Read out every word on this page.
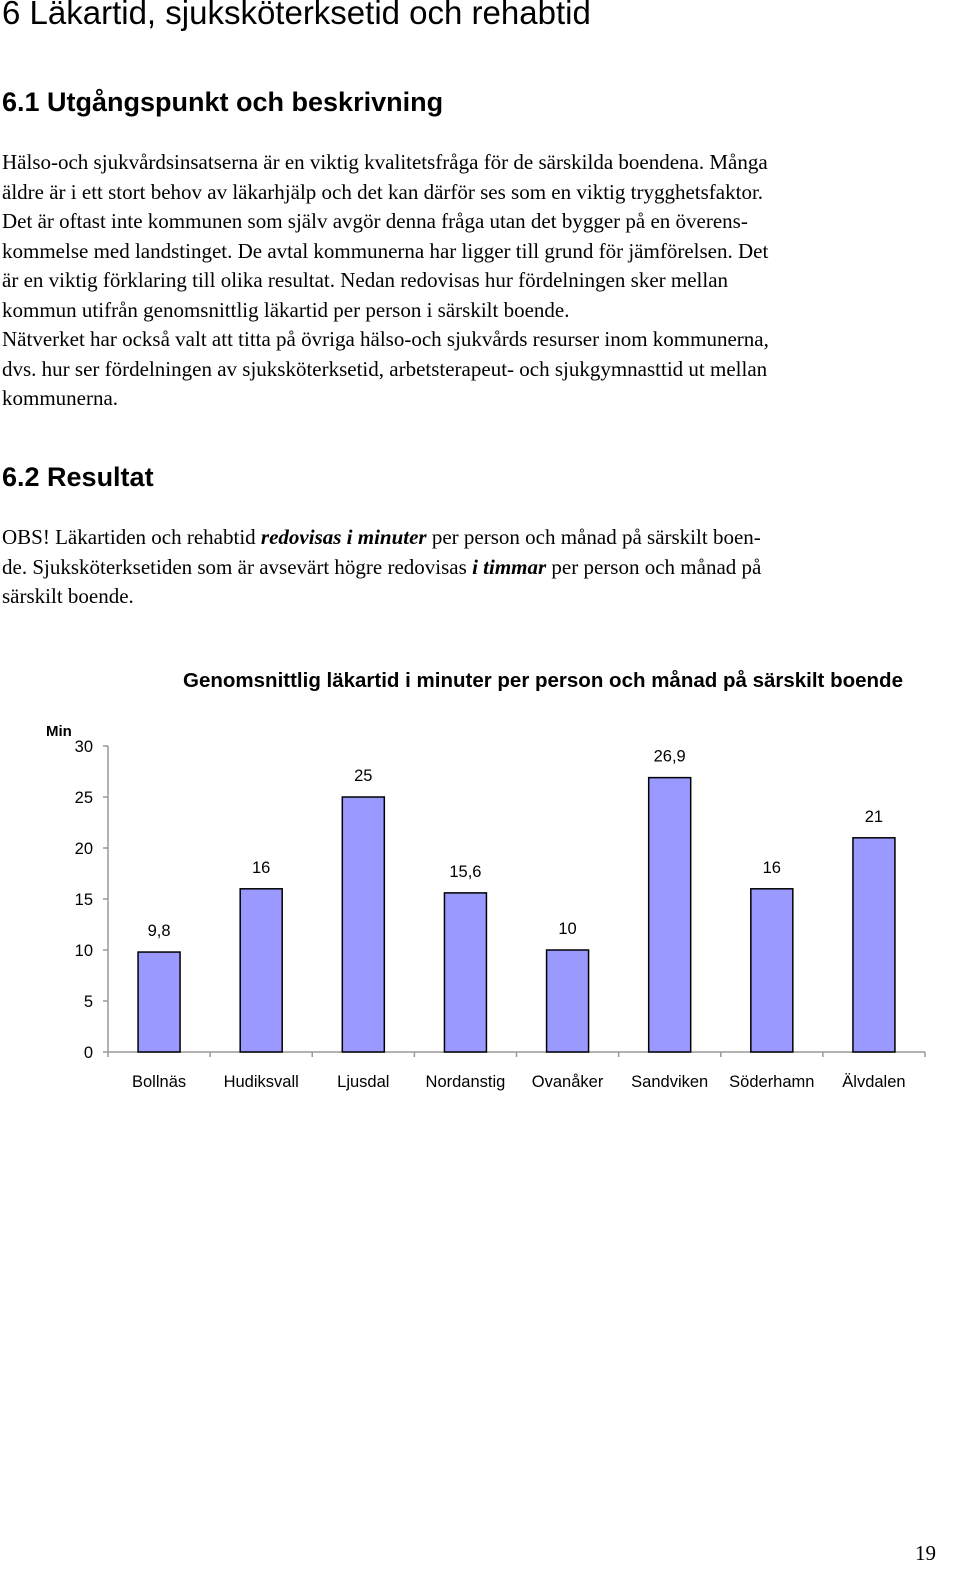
6 Läkartid, sjuksköterksetid och rehabtid
6.1 Utgångspunkt och beskrivning
Hälso-och sjukvårdsinsatserna är en viktig kvalitetsfråga för de särskilda boendena. Många
äldre är i ett stort behov av läkarhjälp och det kan därför ses som en viktig trygghetsfaktor.
Det är oftast inte kommunen som själv avgör denna fråga utan det bygger på en överens-
kommelse med landstinget. De avtal kommunerna har ligger till grund för jämförelsen. Det
är en viktig förklaring till olika resultat. Nedan redovisas hur fördelningen sker mellan
kommun utifrån genomsnittlig läkartid per person i särskilt boende.
Nätverket har också valt att titta på övriga hälso-och sjukvårds resurser inom kommunerna,
dvs. hur ser fördelningen av sjuksköterksetid, arbetsterapeut- och sjukgymnasttid ut mellan
kommunerna.
6.2 Resultat
OBS! Läkartiden och rehabtid redovisas i minuter per person och månad på särskilt boen-
de. Sjuksköterksetiden som är avsevärt högre redovisas i timmar per person och månad på
särskilt boende.
Genomsnittlig läkartid i minuter per person och månad på särskilt boende
Min
0
5
10
15
20
25
30
9,8
Bollnäs
16
Hudiksvall
25
Ljusdal
15,6
Nordanstig
10
Ovanåker
26,9
Sandviken
16
Söderhamn
21
Älvdalen
19
